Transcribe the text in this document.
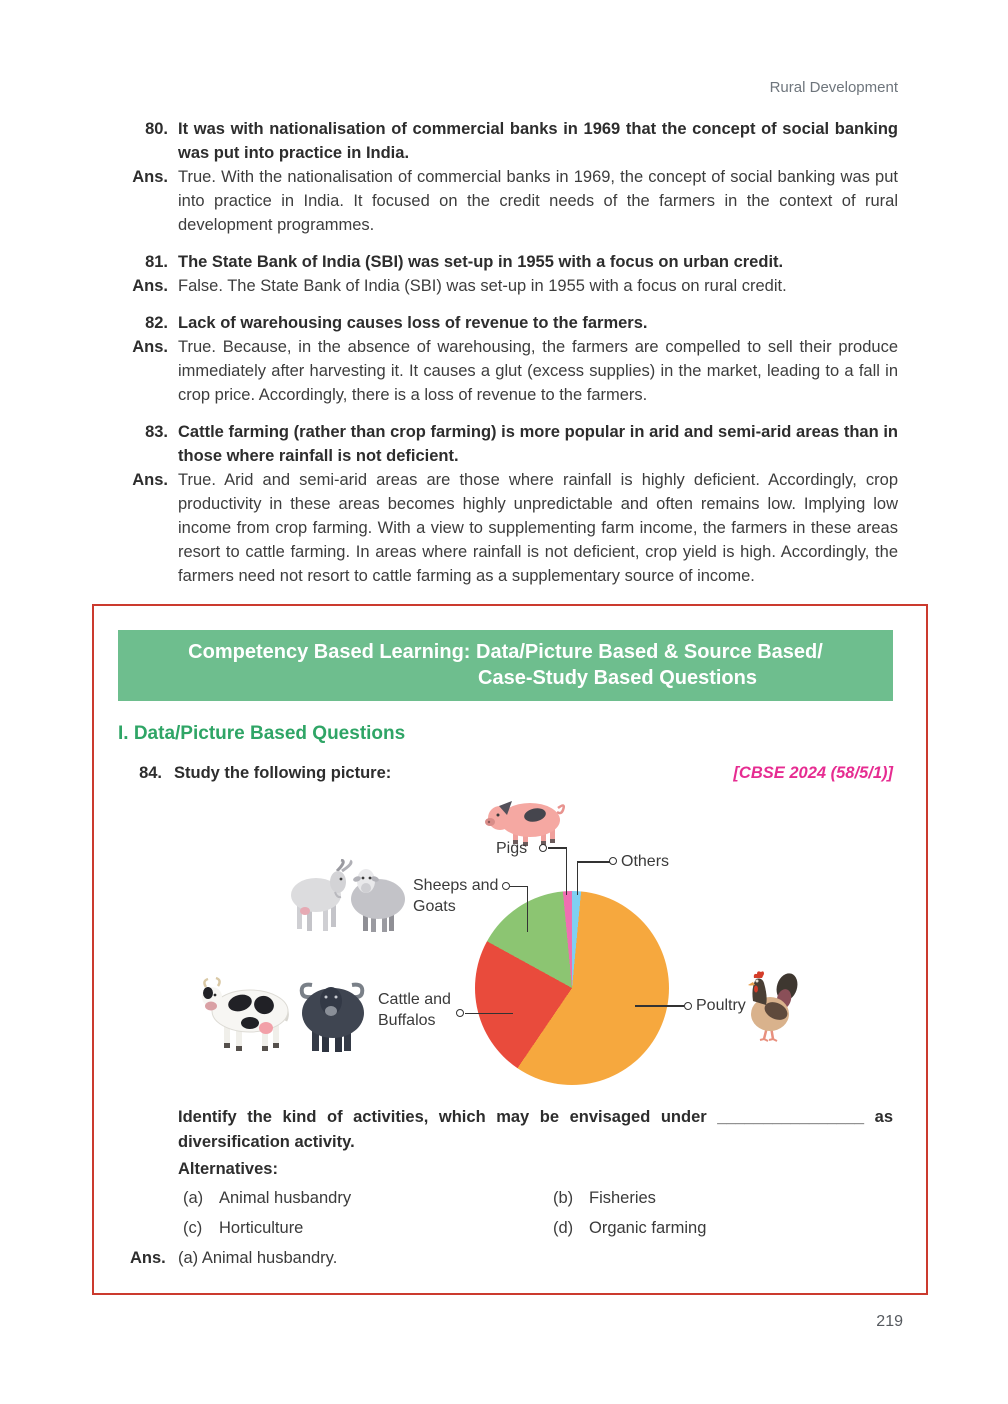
Rural Development
80. It was with nationalisation of commercial banks in 1969 that the concept of social banking was put into practice in India.
Ans. True. With the nationalisation of commercial banks in 1969, the concept of social banking was put into practice in India. It focused on the credit needs of the farmers in the context of rural development programmes.
81. The State Bank of India (SBI) was set-up in 1955 with a focus on urban credit.
Ans. False. The State Bank of India (SBI) was set-up in 1955 with a focus on rural credit.
82. Lack of warehousing causes loss of revenue to the farmers.
Ans. True. Because, in the absence of warehousing, the farmers are compelled to sell their produce immediately after harvesting it. It causes a glut (excess supplies) in the market, leading to a fall in crop price. Accordingly, there is a loss of revenue to the farmers.
83. Cattle farming (rather than crop farming) is more popular in arid and semi-arid areas than in those where rainfall is not deficient.
Ans. True. Arid and semi-arid areas are those where rainfall is highly deficient. Accordingly, crop productivity in these areas becomes highly unpredictable and often remains low. Implying low income from crop farming. With a view to supplementing farm income, the farmers in these areas resort to cattle farming. In areas where rainfall is not deficient, crop yield is high. Accordingly, the farmers need not resort to cattle farming as a supplementary source of income.
Competency Based Learning: Data/Picture Based & Source Based/
Case-Study Based Questions
I. Data/Picture Based Questions
84. Study the following picture:	[CBSE 2024 (58/5/1)]
Pigs
Others
Sheeps and
Goats
Cattle and
Buffalos
Poultry
Identify the kind of activities, which may be envisaged under ________________ as
diversification activity.
Alternatives:
(a) Animal husbandry	(b) Fisheries
(c)	Horticulture	(d) Organic farming
Ans. (a) Animal husbandry.
219
